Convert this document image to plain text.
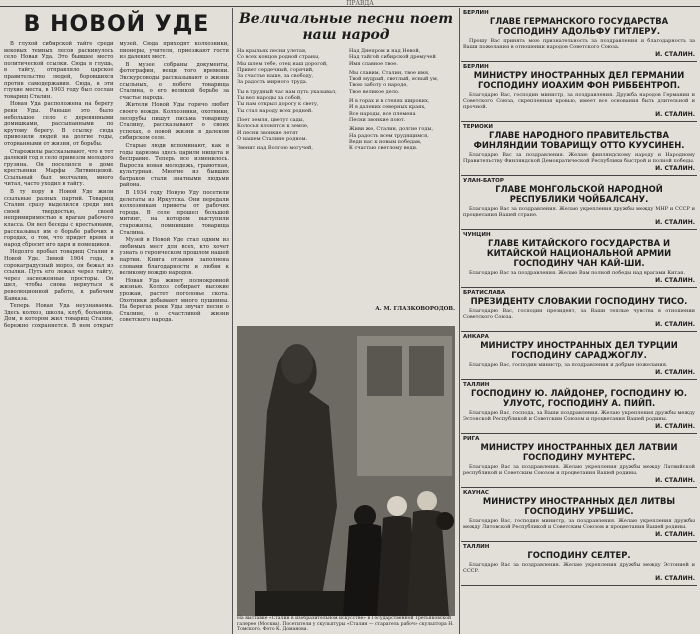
ПРАВДА
В НОВОЙ УДЕ

В глухой сибирской тайге среди вековых темных лесов раскинулось село Новая Уда. Это бывшее место политической ссылки. Сюда в глушь, в тайгу, отправляло царское правительство людей, боровшихся против самодержавия. Сюда, в эти глухие места, в 1903 году был сослан товарищ Сталин.

Новая Уда расположена на берегу реки Уды. Раньше это было небольшое село с деревянными домишками, рассыпанными по крутому берегу. В ссылку сюда привозили людей на долгие годы, оторванными от жизни, от борьбы.

Старожилы рассказывают, что в тот далекий год в село привезли молодого грузина. Он поселился в доме крестьянки Марфы Литвинцевой. Ссыльный был молчалив, много читал, часто уходил в тайгу.

В ту пору в Новой Уде жили ссыльные разных партий. Товарищ Сталин сразу выделился среди них своей твердостью, своей непримиримостью к врагам рабочего класса. Он вел беседы с крестьянами, рассказывал им о борьбе рабочих в городах, о том, что придет время и народ сбросит иго царя и помещиков.

Недолго пробыл товарищ Сталин в Новой Уде. Зимой 1904 года, в сорокаградусный мороз, он бежал из ссылки. Путь его лежал через тайгу, через заснеженные просторы. Он шел, чтобы снова вернуться к революционной работе, к рабочим Кавказа.

Теперь Новая Уда неузнаваема. Здесь колхоз, школа, клуб, больница. Дом, в котором жил товарищ Сталин, бережно сохраняется. В нем открыт музей. Сюда приходят колхозники, пионеры, учителя, приезжают гости из далеких мест.

В музее собраны документы, фотографии, вещи того времени. Экскурсоводы рассказывают о жизни ссыльных, о побеге товарища Сталина, о его великой борьбе за счастье народа.

Жители Новой Уды горячо любят своего вождя. Колхозники, охотники, лесорубы пишут письма товарищу Сталину, рассказывают о своих успехах, о новой жизни в далеком сибирском селе.

Старые люди вспоминают, как в годы царизма здесь царили нищета и бесправие. Теперь все изменилось. Выросла новая молодежь, грамотная, культурная. Многие из бывших батраков стали знатными людьми района.

В 1934 году Новую Уду посетили делегаты из Иркутска. Они передали колхозникам приветы от рабочих города. В селе прошел большой митинг, на котором выступили старожилы, помнившие товарища Сталина.

Музей в Новой Уде стал одним из любимых мест для всех, кто хочет узнать о героическом прошлом нашей партии. Книга отзывов заполнена словами благодарности и любви к великому вождю народов.

Новая Уда живет полнокровной жизнью. Колхоз собирает высокие урожаи, растет поголовье скота. Охотники добывают много пушнины. На берегах реки Уды звучат песни о Сталине, о счастливой жизни советского народа.

Величальные песни поет наш народ
На крыльях песни улетая,
Со всех концов родной страны,
Мы шлем тебе, отец наш дорогой,
Привет сердечный, горячий,
За счастье наше, за свободу,
За радость мирного труда.
Ты в трудный час нам путь указывал,
Ты вел народы за собой,
Ты нам открыл дорогу к свету,
Ты стал народу всех родней.
Поет земля, цветут сады,
Колосья клонятся к земле,
И песни звонкие летят
О нашем Сталине родном.
Звенит над Волгою могучей,
Над Днепром и над Невой,
Над тайгой сибирской дремучей
Имя славное твое.
Мы славим, Сталин, твое имя,
Твой мудрый, светлый, ясный ум,
Твою заботу о народе,
Твое великое дело.
И в горах и в степях широких,
И в далеких северных краях,
Все народы, все племена
Песни звонкие поют.
Живи же, Сталин, долгие годы,
На радость всем трудящимся,
Веди нас к новым победам,
К счастью светлому веди.
А. М. ГЛАЗКОВОРОДОВ.
На выставке «Сталин в изобразительном искусстве» в Государственной Третьяковской галерее (Москва). Посетители у скульптуры «Сталин — старатель рабоч» скульптора Н. Томского. Фото К. Доманова.
БЕРЛИН
ГЛАВЕ ГЕРМАНСКОГО ГОСУДАРСТВА ГОСПОДИНУ АДОЛЬФУ ГИТЛЕРУ.
Прошу Вас принять мою признательность за поздравления и благодарность за Ваши пожелания в отношении народов Советского Союза.
И. СТАЛИН.
БЕРЛИН
МИНИСТРУ ИНОСТРАННЫХ ДЕЛ ГЕРМАНИИ ГОСПОДИНУ ИОАХИМ ФОН РИББЕНТРОП.
Благодарю Вас, господин министр, за поздравления. Дружба народов Германии и Советского Союза, скрепленная кровью, имеет все основания быть длительной и прочной.
И. СТАЛИН.
ТЕРИОКИ
ГЛАВЕ НАРОДНОГО ПРАВИТЕЛЬСТВА ФИНЛЯНДИИ ТОВАРИЩУ ОТТО КУУСИНЕН.
Благодарю Вас за поздравления. Желаю финляндскому народу и Народному Правительству Финляндской Демократической Республики быстрой и полной победы.
И. СТАЛИН.
УЛАН-БАТОР
ГЛАВЕ МОНГОЛЬСКОЙ НАРОДНОЙ РЕСПУБЛИКИ ЧОЙБАЛСАНУ.
Благодарю Вас за поздравления. Желаю укрепления дружбы между МНР и СССР и процветания Вашей стране.
И. СТАЛИН.
ЧУНЦИН
ГЛАВЕ КИТАЙСКОГО ГОСУДАРСТВА И КИТАЙСКОЙ НАЦИОНАЛЬНОЙ АРМИИ ГОСПОДИНУ ЧАН КАЙ-ШИ.
Благодарю Вас за поздравления. Желаю Вам полной победы над врагами Китая.
И. СТАЛИН.
БРАТИСЛАВА
ПРЕЗИДЕНТУ СЛОВАКИИ ГОСПОДИНУ ТИСО.
Благодарю Вас, господин президент, за Ваши теплые чувства в отношении Советского Союза.
И. СТАЛИН.
АНКАРА
МИНИСТРУ ИНОСТРАННЫХ ДЕЛ ТУРЦИИ ГОСПОДИНУ САРАДЖОГЛУ.
Благодарю Вас, господин министр, за поздравления и добрые пожелания.
И. СТАЛИН.
ТАЛЛИН
ГОСПОДИНУ Ю. ЛАЙДОНЕР, ГОСПОДИНУ Ю. УЛУОТС, ГОСПОДИНУ А. ПИЙП.
Благодарю Вас, господа, за Ваши поздравления. Желаю укрепления дружбы между Эстонской Республикой и Советским Союзом и процветания Вашей родины.
И. СТАЛИН.
РИГА
МИНИСТРУ ИНОСТРАННЫХ ДЕЛ ЛАТВИИ ГОСПОДИНУ МУНТЕРС.
Благодарю Вас за поздравления. Желаю укрепления дружбы между Латвийской республикой и Советским Союзом и процветания Вашей родины.
И. СТАЛИН.
КАУНАС
МИНИСТРУ ИНОСТРАННЫХ ДЕЛ ЛИТВЫ ГОСПОДИНУ УРБШИС.
Благодарю Вас, господин министр, за поздравления. Желаю укрепления дружбы между Литовской Республикой и Советским Союзом и процветания Вашей родины.
И. СТАЛИН.
ТАЛЛИН
ГОСПОДИНУ СЕЛТЕР.
Благодарю Вас за поздравления. Желаю укрепления дружбы между Эстонией и СССР.
И. СТАЛИН.
